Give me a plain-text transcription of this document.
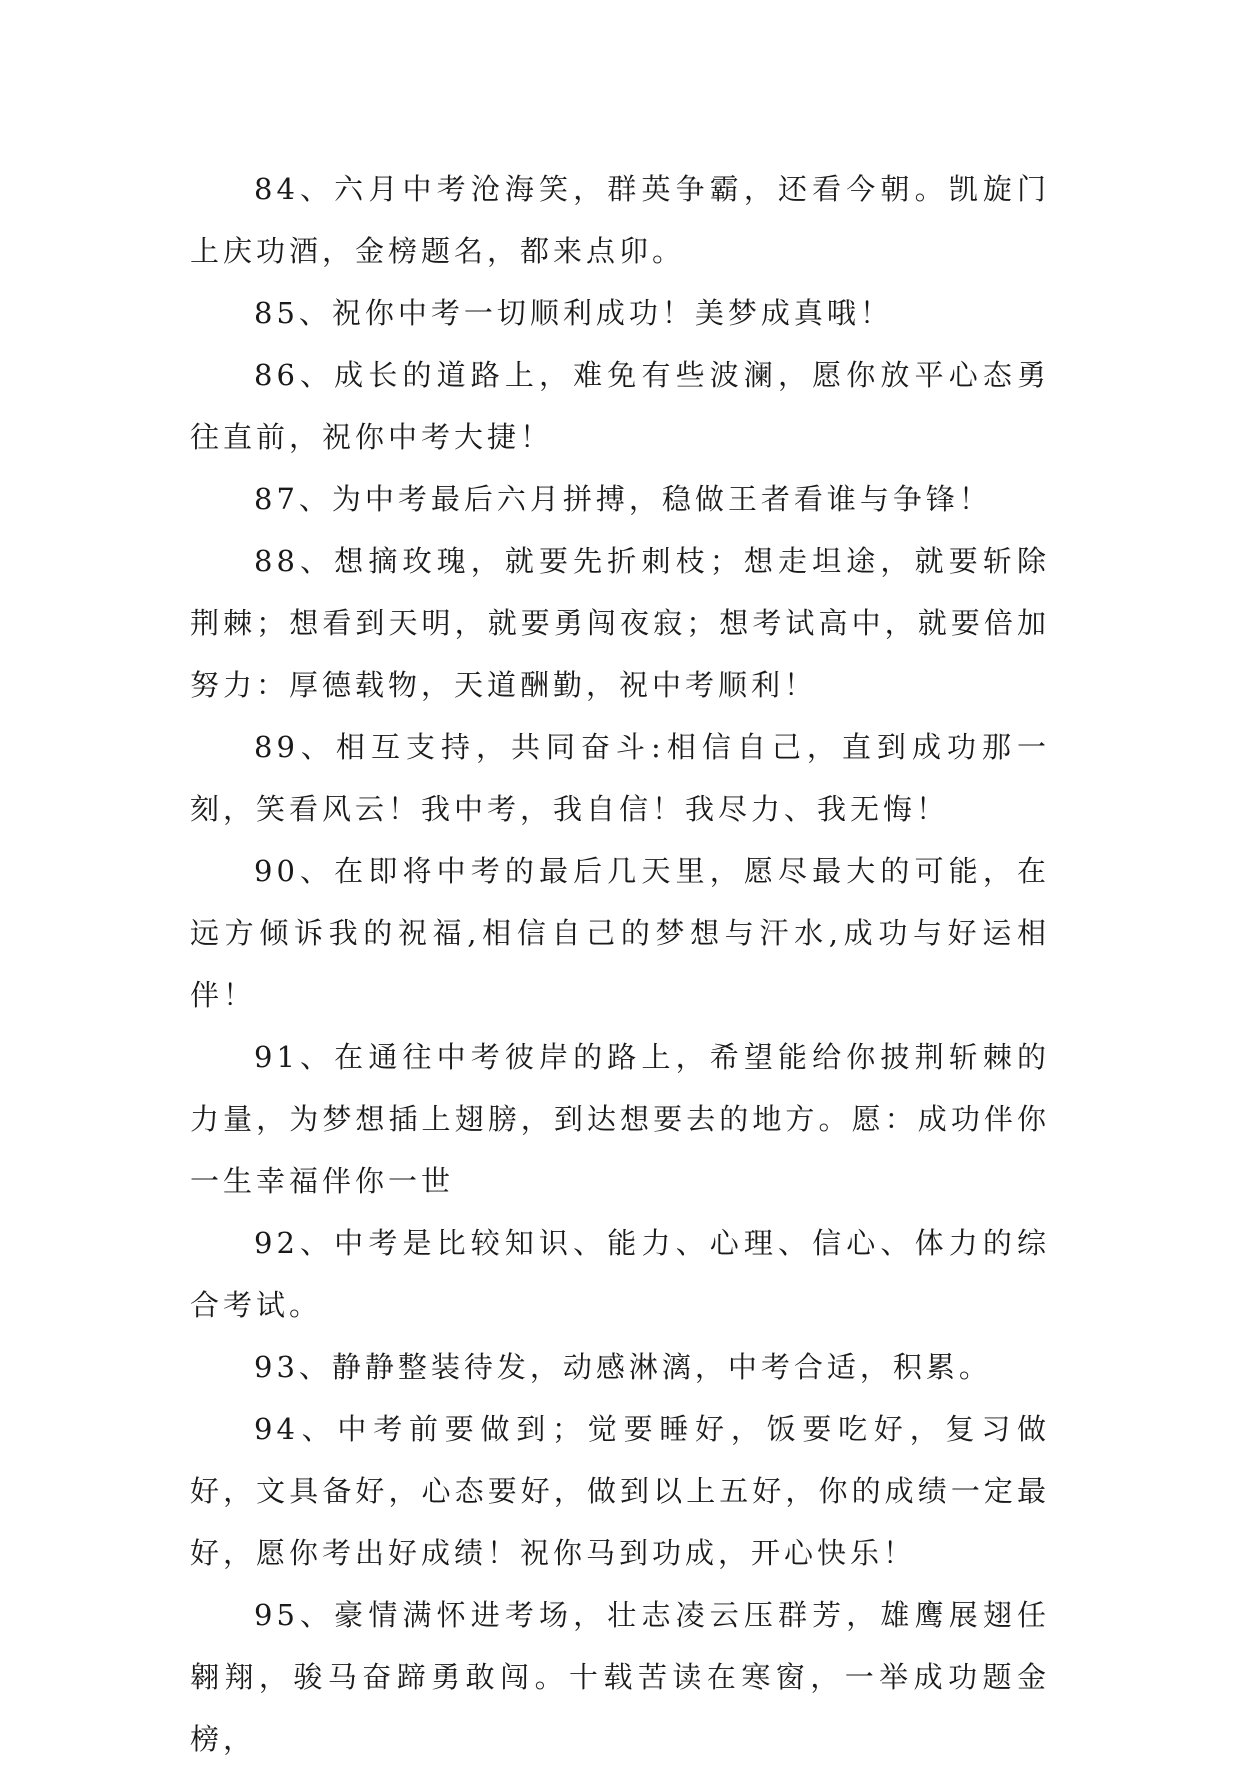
84、六月中考沧海笑，群英争霸，还看今朝。凯旋门上庆功酒，金榜题名，都来点卯。

85、祝你中考一切顺利成功！美梦成真哦！

86、成长的道路上，难免有些波澜，愿你放平心态勇往直前，祝你中考大捷！

87、为中考最后六月拼搏，稳做王者看谁与争锋！

88、想摘玫瑰，就要先折刺枝；想走坦途，就要斩除荆棘；想看到天明，就要勇闯夜寂；想考试高中，就要倍加努力：厚德载物，天道酬勤，祝中考顺利！

89、相互支持，共同奋斗:相信自己，直到成功那一刻，笑看风云！我中考，我自信！我尽力、我无悔！

90、在即将中考的最后几天里，愿尽最大的可能，在远方倾诉我的祝福,相信自己的梦想与汗水,成功与好运相伴！

91、在通往中考彼岸的路上，希望能给你披荆斩棘的力量，为梦想插上翅膀，到达想要去的地方。愿：成功伴你一生幸福伴你一世

92、中考是比较知识、能力、心理、信心、体力的综合考试。

93、静静整装待发，动感淋漓，中考合适，积累。

94、中考前要做到；觉要睡好，饭要吃好，复习做好，文具备好，心态要好，做到以上五好，你的成绩一定最好，愿你考出好成绩！祝你马到功成，开心快乐！

95、豪情满怀进考场，壮志凌云压群芳，雄鹰展翅任翱翔，骏马奋蹄勇敢闯。十载苦读在寒窗，一举成功题金榜，
